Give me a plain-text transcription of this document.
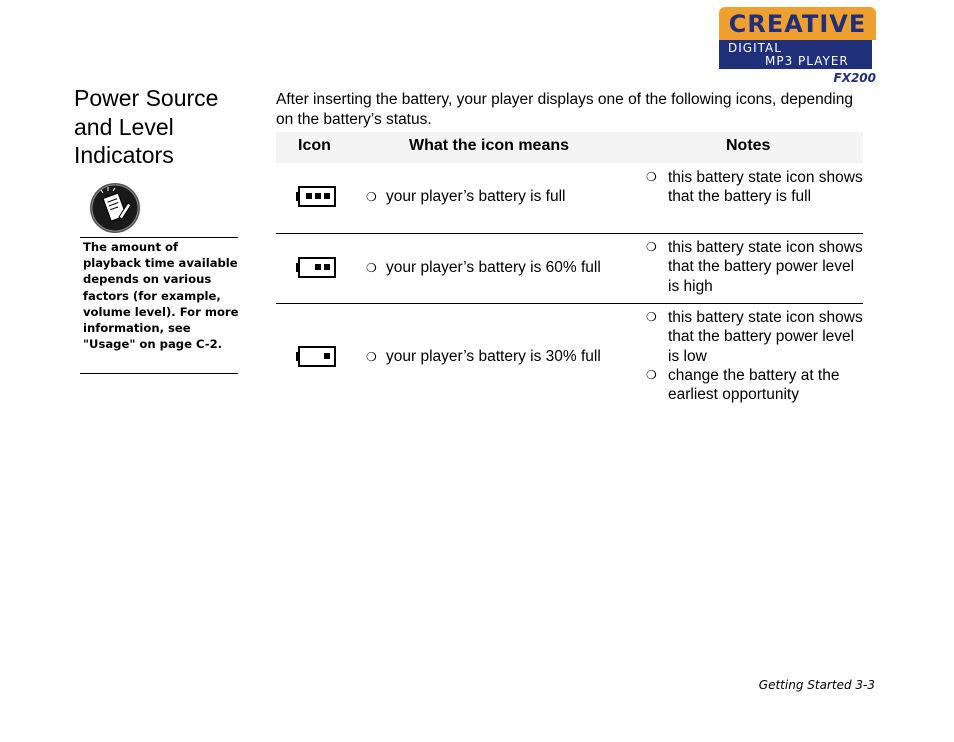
CREATIVE
DIGITAL
MP3 PLAYER
FX200
Power Source
and Level
Indicators
The amount of playback time available depends on various factors (for example, volume level). For more information, see "Usage" on page C-2.
After inserting the battery, your player displays one of the following icons, depending on the battery’s status.
Icon	What the icon means	Notes
❍ your player’s battery is full
❍ this battery state icon shows that the battery is full
❍ your player’s battery is 60% full
❍ this battery state icon shows that the battery power level is high
❍ your player’s battery is 30% full
❍ this battery state icon shows that the battery power level is low
❍ change the battery at the earliest opportunity
Getting Started 3-3
